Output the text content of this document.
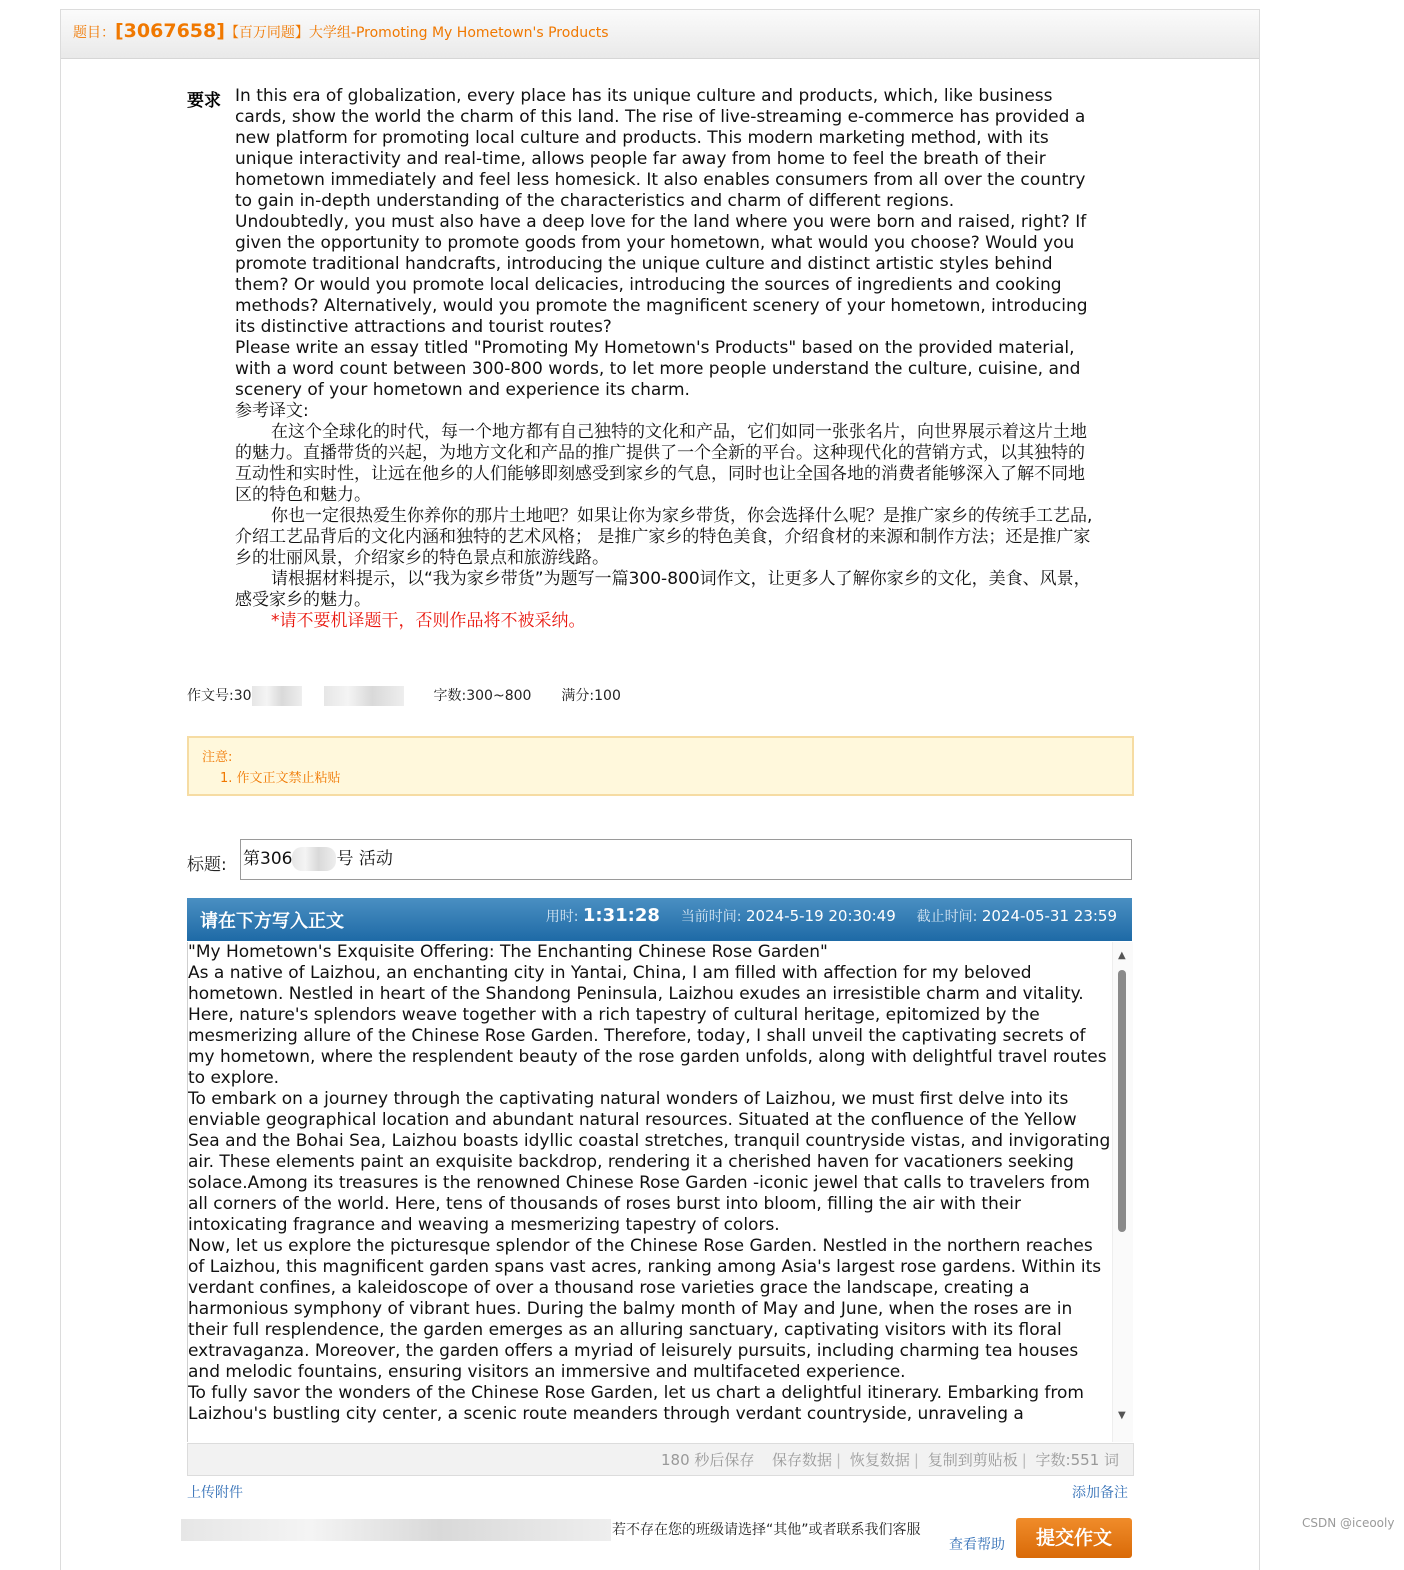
题目：[3067658]【百万同题】大学组-Promoting My Hometown's Products
要求 In this era of globalization, every place has its unique culture and products, which, like business cards, show the world the charm of this land. The rise of live-streaming e-commerce has provided a new platform for promoting local culture and products. This modern marketing method, with its unique interactivity and real-time, allows people far away from home to feel the breath of their hometown immediately and feel less homesick. It also enables consumers from all over the country to gain in-depth understanding of the characteristics and charm of different regions.

Undoubtedly, you must also have a deep love for the land where you were born and raised, right? If given the opportunity to promote goods from your hometown, what would you choose? Would you promote traditional handcrafts, introducing the unique culture and distinct artistic styles behind them? Or would you promote local delicacies, introducing the sources of ingredients and cooking methods? Alternatively, would you promote the magnificent scenery of your hometown, introducing its distinctive attractions and tourist routes?

Please write an essay titled "Promoting My Hometown's Products" based on the provided material, with a word count between 300-800 words, to let more people understand the culture, cuisine, and scenery of your hometown and experience its charm.

参考译文:

在这个全球化的时代，每一个地方都有自己独特的文化和产品，它们如同一张张名片，向世界展示着这片土地的魅力。直播带货的兴起，为地方文化和产品的推广提供了一个全新的平台。这种现代化的营销方式，以其独特的互动性和实时性，让远在他乡的人们能够即刻感受到家乡的气息，同时也让全国各地的消费者能够深入了解不同地区的特色和魅力。

你也一定很热爱生你养你的那片土地吧？如果让你为家乡带货，你会选择什么呢？是推广家乡的传统手工艺品,介绍工艺品背后的文化内涵和独特的艺术风格； 是推广家乡的特色美食，介绍食材的来源和制作方法；还是推广家乡的壮丽风景，介绍家乡的特色景点和旅游线路。

请根据材料提示，以“我为家乡带货”为题写一篇300-800词作文，让更多人了解你家乡的文化，美食、风景，感受家乡的魅力。

*请不要机译题干，否则作品将不被采纳。

作文号:30	字数:300~800 满分:100
注意:
1. 作文正文禁止粘贴
标题: 第306	号 活动
请在下方写入正文	用时: 1:31:28 当前时间: 2024-5-19 20:30:49 截止时间: 2024-05-31 23:59

"My Hometown's Exquisite Offering: The Enchanting Chinese Rose Garden"

As a native of Laizhou, an enchanting city in Yantai, China, I am filled with affection for my beloved hometown. Nestled in heart of the Shandong Peninsula, Laizhou exudes an irresistible charm and vitality. Here, nature's splendors weave together with a rich tapestry of cultural heritage, epitomized by the mesmerizing allure of the Chinese Rose Garden. Therefore, today, I shall unveil the captivating secrets of my hometown, where the resplendent beauty of the rose garden unfolds, along with delightful travel routes to explore.

To embark on a journey through the captivating natural wonders of Laizhou, we must first delve into its enviable geographical location and abundant natural resources. Situated at the confluence of the Yellow Sea and the Bohai Sea, Laizhou boasts idyllic coastal stretches, tranquil countryside vistas, and invigorating air. These elements paint an exquisite backdrop, rendering it a cherished haven for vacationers seeking solace.Among its treasures is the renowned Chinese Rose Garden -iconic jewel that calls to travelers from all corners of the world. Here, tens of thousands of roses burst into bloom, filling the air with their intoxicating fragrance and weaving a mesmerizing tapestry of colors.

Now, let us explore the picturesque splendor of the Chinese Rose Garden. Nestled in the northern reaches of Laizhou, this magnificent garden spans vast acres, ranking among Asia's largest rose gardens. Within its verdant confines, a kaleidoscope of over a thousand rose varieties grace the landscape, creating a harmonious symphony of vibrant hues. During the balmy month of May and June, when the roses are in their full resplendence, the garden emerges as an alluring sanctuary, captivating visitors with its floral extravaganza. Moreover, the garden offers a myriad of leisurely pursuits, including charming tea houses and melodic fountains, ensuring visitors an immersive and multifaceted experience.

To fully savor the wonders of the Chinese Rose Garden, let us chart a delightful itinerary. Embarking from Laizhou's bustling city center, a scenic route meanders through verdant countryside, unraveling a

▲
▼
180 秒后保存 保存数据 | 恢复数据 | 复制到剪贴板 | 字数:551 词
上传附件	添加备注
若不存在您的班级请选择“其他”或者联系我们客服
查看帮助	提交作文
CSDN @iceooly
